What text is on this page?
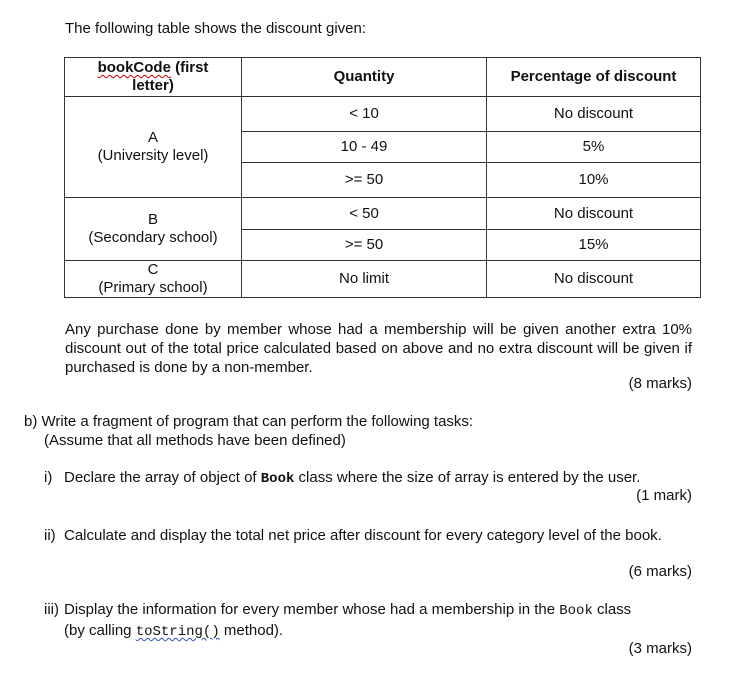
The following table shows the discount given:
bookCode (first
letter)	Quantity	Percentage of discount
A
(University level)	< 10	No discount
	10 - 49	5%
	>= 50	10%
B
(Secondary school)	< 50	No discount
	>= 50	15%
C
(Primary school)	No limit	No discount
Any purchase done by member whose had a membership will be given another extra 10% discount out of the total price calculated based on above and no extra discount will be given if purchased is done by a non-member.
(8 marks)
b) Write a fragment of program that can perform the following tasks:
(Assume that all methods have been defined)
i) Declare the array of object of Book class where the size of array is entered by the user.
(1 mark)
ii) Calculate and display the total net price after discount for every category level of the book.
(6 marks)
iii) Display the information for every member whose had a membership in the Book class
(by calling toString() method).
(3 marks)
